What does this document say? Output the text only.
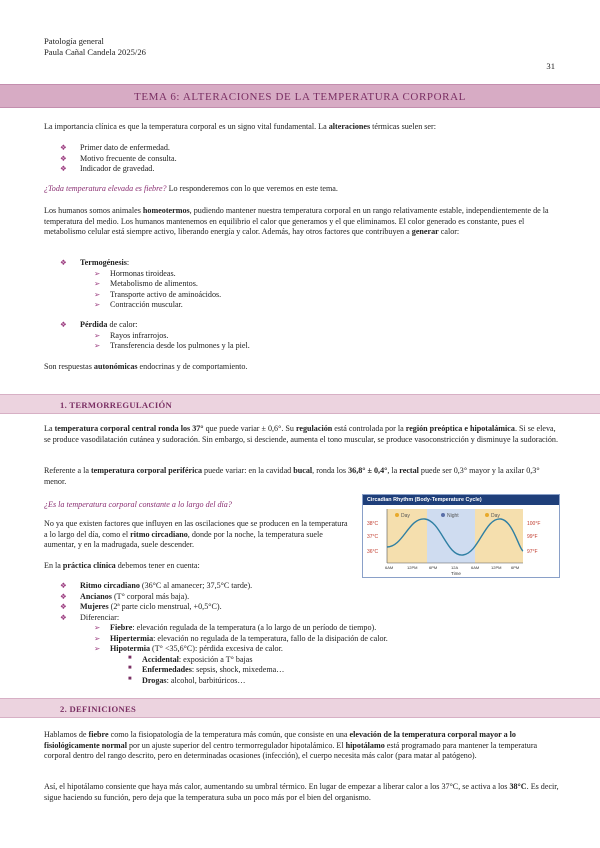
Patología general
Paula Cañal Candela 2025/26
31
TEMA 6: ALTERACIONES DE LA TEMPERATURA CORPORAL
La importancia clínica es que la temperatura corporal es un signo vital fundamental. La alteraciones térmicas suelen ser:
❖ Primer dato de enfermedad.
❖ Motivo frecuente de consulta.
❖ Indicador de gravedad.
¿Toda temperatura elevada es fiebre? Lo responderemos con lo que veremos en este tema.
Los humanos somos animales homeotermos, pudiendo mantener nuestra temperatura corporal en un rango relativamente estable, independientemente de la temperatura del medio. Los humanos mantenemos en equilibrio el calor que generamos y el que eliminamos. El color generado es constante, pues el metabolismo celular está siempre activo, liberando energía y calor. Además, hay otros factores que contribuyen a generar calor:
❖ Termogénesis:
➢ Hormonas tiroideas.
➢ Metabolismo de alimentos.
➢ Transporte activo de aminoácidos.
➢ Contracción muscular.
❖ Pérdida de calor:
➢ Rayos infrarrojos.
➢ Transferencia desde los pulmones y la piel.
Son respuestas autonómicas endocrinas y de comportamiento.
1. TERMORREGULACIÓN
La temperatura corporal central ronda los 37° que puede variar ± 0,6°. Su regulación está controlada por la región preóptica e hipotalámica. Si se eleva, se produce vasodilatación cutánea y sudoración. Sin embargo, si desciende, aumenta el tono muscular, se produce vasoconstricción y disminuye la sudoración.
Referente a la temperatura corporal periférica puede variar: en la cavidad bucal, ronda los 36,8° ± 0,4°, la rectal puede ser 0,3° mayor y la axilar 0,3° menor.
¿Es la temperatura corporal constante a lo largo del día?
No ya que existen factores que influyen en las oscilaciones que se producen en la temperatura a lo largo del día, como el ritmo circadiano, donde por la noche, la temperatura suele aumentar, y en la madrugada, suele descender.
Circadian Rhythm (Body-Temperature Cycle)
Day	Night	Day
38°C
37°C
36°C
100°F
99°F
97°F
6AM	12PM	6PM	12A	6AM	12PM 6PM
Time
En la práctica clínica debemos tener en cuenta:
❖ Ritmo circadiano (36°C al amanecer; 37,5°C tarde).
❖ Ancianos (T° corporal más baja).
❖ Mujeres (2ª parte ciclo menstrual, +0,5°C).
❖ Diferenciar:
➢ Fiebre: elevación regulada de la temperatura (a lo largo de un período de tiempo).
➢ Hipertermia: elevación no regulada de la temperatura, fallo de la disipación de calor.
➢ Hipotermia (T° <35,6°C): pérdida excesiva de calor.
■ Accidental: exposición a T° bajas
■ Enfermedades: sepsis, shock, mixedema…
■ Drogas: alcohol, barbitúricos…
2. DEFINICIONES
Hablamos de fiebre como la fisiopatología de la temperatura más común, que consiste en una elevación de la temperatura corporal mayor a lo fisiológicamente normal por un ajuste superior del centro termorregulador hipotalámico. El hipotálamo está programado para mantener la temperatura corporal dentro del rango descrito, pero en determinadas ocasiones (infección), el cuerpo necesita más calor (para matar al patógeno).
Así, el hipotálamo consiente que haya más calor, aumentando su umbral térmico. En lugar de empezar a liberar calor a los 37°C, se activa a los 38°C. Es decir, sigue haciendo su función, pero deja que la temperatura suba un poco más por el bien del organismo.
